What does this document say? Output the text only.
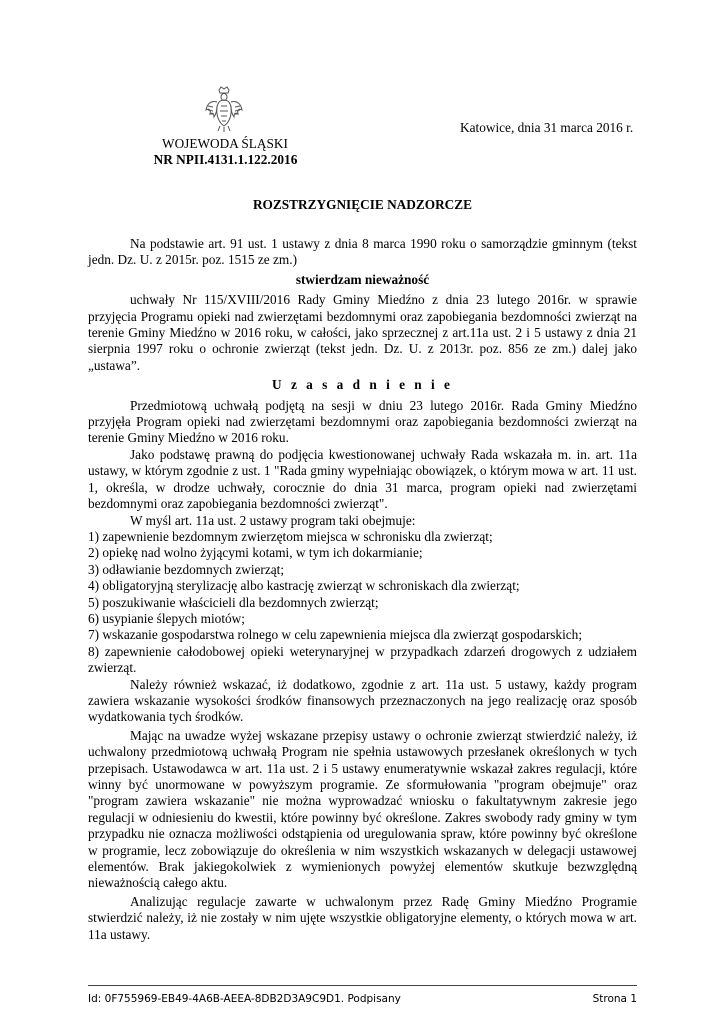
WOJEWODA ŚLĄSKI
NR NPII.4131.1.122.2016
Katowice, dnia 31 marca 2016 r.
ROZSTRZYGNIĘCIE NADZORCZE

Na podstawie art. 91 ust. 1 ustawy z dnia 8 marca 1990 roku o samorządzie gminnym (tekst jedn. Dz. U. z 2015r. poz. 1515 ze zm.)

stwierdzam nieważność

uchwały Nr 115/XVIII/2016 Rady Gminy Miedźno z dnia 23 lutego 2016r. w sprawie przyjęcia Programu opieki nad zwierzętami bezdomnymi oraz zapobiegania bezdomności zwierząt na terenie Gminy Miedźno w 2016 roku, w całości, jako sprzecznej z art.11a ust. 2 i 5 ustawy z dnia 21 sierpnia 1997 roku o ochronie zwierząt (tekst jedn. Dz. U. z 2013r. poz. 856 ze zm.) dalej jako „ustawa”.

U z a s a d n i e n i e

Przedmiotową uchwałą podjętą na sesji w dniu 23 lutego 2016r. Rada Gminy Miedźno przyjęła Program opieki nad zwierzętami bezdomnymi oraz zapobiegania bezdomności zwierząt na terenie Gminy Miedźno w 2016 roku.

Jako podstawę prawną do podjęcia kwestionowanej uchwały Rada wskazała m. in. art. 11a ustawy, w którym zgodnie z ust. 1 "Rada gminy wypełniając obowiązek, o którym mowa w art. 11 ust. 1, określa, w drodze uchwały, corocznie do dnia 31 marca, program opieki nad zwierzętami bezdomnymi oraz zapobiegania bezdomności zwierząt".

W myśl art. 11a ust. 2 ustawy program taki obejmuje:

1) zapewnienie bezdomnym zwierzętom miejsca w schronisku dla zwierząt;
2) opiekę nad wolno żyjącymi kotami, w tym ich dokarmianie;
3) odławianie bezdomnych zwierząt;
4) obligatoryjną sterylizację albo kastrację zwierząt w schroniskach dla zwierząt;
5) poszukiwanie właścicieli dla bezdomnych zwierząt;
6) usypianie ślepych miotów;
7) wskazanie gospodarstwa rolnego w celu zapewnienia miejsca dla zwierząt gospodarskich;
8) zapewnienie całodobowej opieki weterynaryjnej w przypadkach zdarzeń drogowych z udziałem zwierząt.

Należy również wskazać, iż dodatkowo, zgodnie z art. 11a ust. 5 ustawy, każdy program zawiera wskazanie wysokości środków finansowych przeznaczonych na jego realizację oraz sposób wydatkowania tych środków.

Mając na uwadze wyżej wskazane przepisy ustawy o ochronie zwierząt stwierdzić należy, iż uchwalony przedmiotową uchwałą Program nie spełnia ustawowych przesłanek określonych w tych przepisach. Ustawodawca w art. 11a ust. 2 i 5 ustawy enumeratywnie wskazał zakres regulacji, które winny być unormowane w powyższym programie. Ze sformułowania "program obejmuje" oraz "program zawiera wskazanie" nie można wyprowadzać wniosku o fakultatywnym zakresie jego regulacji w odniesieniu do kwestii, które powinny być określone. Zakres swobody rady gminy w tym przypadku nie oznacza możliwości odstąpienia od uregulowania spraw, które powinny być określone w programie, lecz zobowiązuje do określenia w nim wszystkich wskazanych w delegacji ustawowej elementów. Brak jakiegokolwiek z wymienionych powyżej elementów skutkuje bezwzględną nieważnością całego aktu.

Analizując regulacje zawarte w uchwalonym przez Radę Gminy Miedźno Programie stwierdzić należy, iż nie zostały w nim ujęte wszystkie obligatoryjne elementy, o których mowa w art. 11a ustawy.

Id: 0F755969-EB49-4A6B-AEEA-8DB2D3A9C9D1. Podpisany	Strona 1
